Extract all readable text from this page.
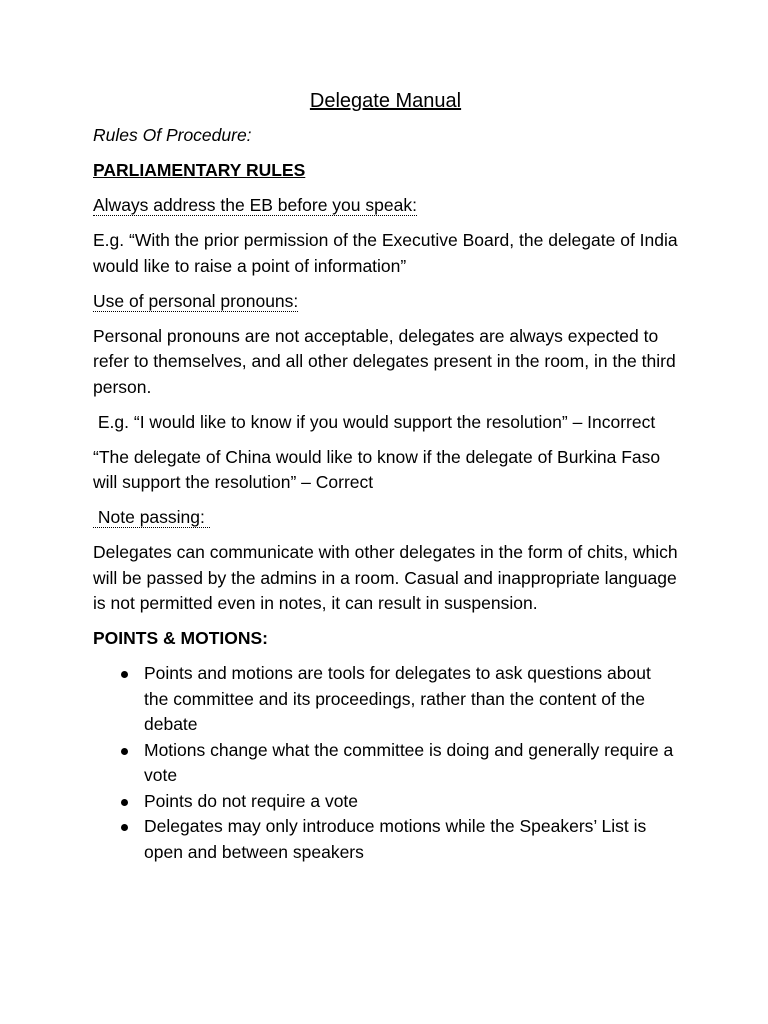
Delegate Manual

Rules Of Procedure:

PARLIAMENTARY RULES

Always address the EB before you speak:

E.g. “With the prior permission of the Executive Board, the delegate of India would like to raise a point of information”

Use of personal pronouns:

Personal pronouns are not acceptable, delegates are always expected to refer to themselves, and all other delegates present in the room, in the third person.

E.g. “I would like to know if you would support the resolution” – Incorrect

“The delegate of China would like to know if the delegate of Burkina Faso will support the resolution” – Correct

Note passing:

Delegates can communicate with other delegates in the form of chits, which will be passed by the admins in a room. Casual and inappropriate language is not permitted even in notes, it can result in suspension.

POINTS & MOTIONS:

Points and motions are tools for delegates to ask questions about the committee and its proceedings, rather than the content of the debate
Motions change what the committee is doing and generally require a vote
Points do not require a vote
Delegates may only introduce motions while the Speakers’ List is open and between speakers
